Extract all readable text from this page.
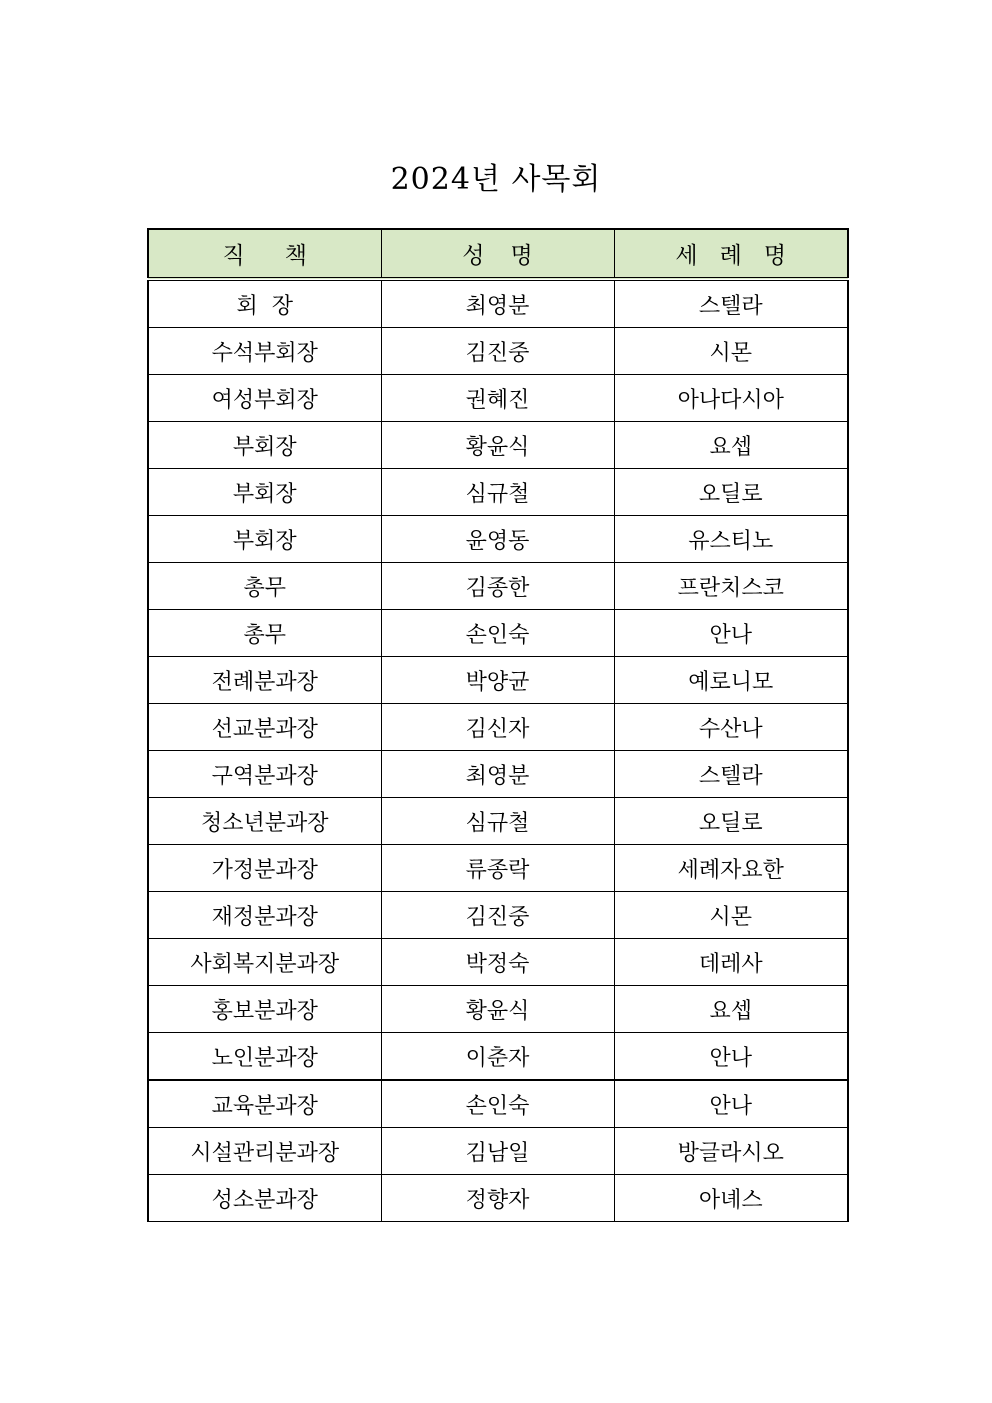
2024년 사목회
직책	성명	세례명
회  장	최영분	스텔라
수석부회장	김진중	시몬
여성부회장	권혜진	아나다시아
부회장	황윤식	요셉
부회장	심규철	오딜로
부회장	윤영동	유스티노
총무	김종한	프란치스코
총무	손인숙	안나
전례분과장	박양균	예로니모
선교분과장	김신자	수산나
구역분과장	최영분	스텔라
청소년분과장	심규철	오딜로
가정분과장	류종락	세례자요한
재정분과장	김진중	시몬
사회복지분과장	박정숙	데레사
홍보분과장	황윤식	요셉
노인분과장	이춘자	안나
교육분과장	손인숙	안나
시설관리분과장	김남일	방글라시오
성소분과장	정향자	아녜스
